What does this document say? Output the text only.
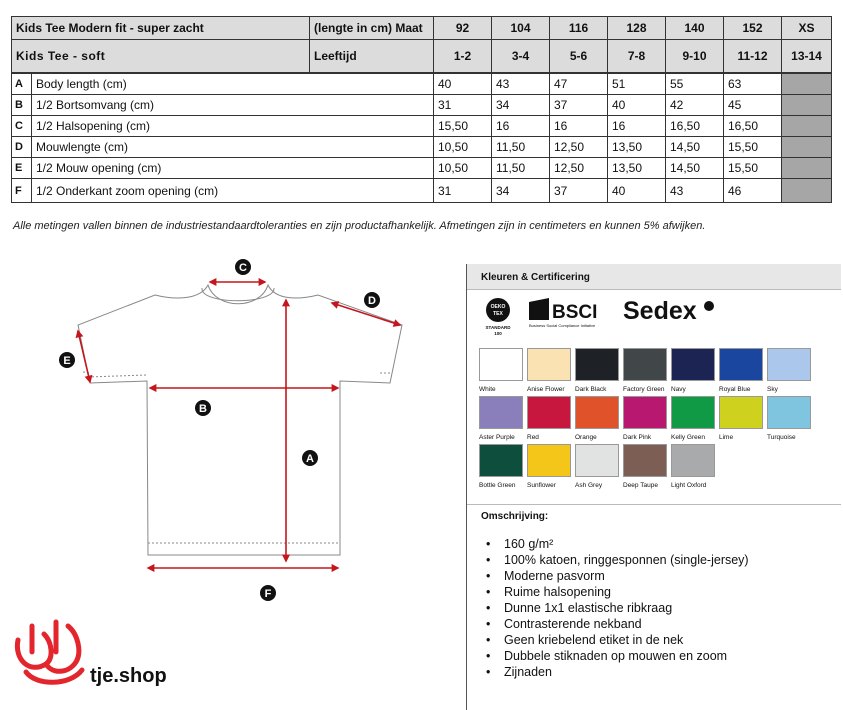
Kids Tee Modern fit - super zacht		(lengte in cm) Maat	92	104	116	128	140	152	XS
Kids Tee - soft		Leeftijd	1-2	3-4	5-6	7-8	9-10	11-12	13-14
A	Body length (cm)		40	43	47	51	55	63	
B	1/2 Bortsomvang (cm)		31	34	37	40	42	45	
C	1/2 Halsopening (cm)		15,50	16	16	16	16,50	16,50	
D	Mouwlengte (cm)		10,50	11,50	12,50	13,50	14,50	15,50	
E	1/2 Mouw opening (cm)		10,50	11,50	12,50	13,50	14,50	15,50	
F	1/2 Onderkant zoom opening (cm)		31	34	37	40	43	46	
Alle metingen vallen binnen de industriestandaardtoleranties en zijn productafhankelijk. Afmetingen zijn in centimeters en kunnen 5% afwijken.
C
D
E
B
A
F
Kleuren & Certificering
OEKO
TEX
STANDARD
100
BSCI
Business Social Compliance Initiative
Sedex
White	Anise Flower	Dark Black	Factory Green Navy	Royal Blue	Sky
Aster Purple	Red	Orange	Dark Pink	Kelly Green	Lime	Turquoise
Bottle Green	Sunflower	Ash Grey	Deep Taupe	Light Oxford
Omschrijving:
• 160 g/m²
• 100% katoen, ringgesponnen (single-jersey)
• Moderne pasvorm
• Ruime halsopening
• Dunne 1x1 elastische ribkraag
• Contrasterende nekband
• Geen kriebelend etiket in de nek
• Dubbele stiknaden op mouwen en zoom
• Zijnaden
tje.shop
